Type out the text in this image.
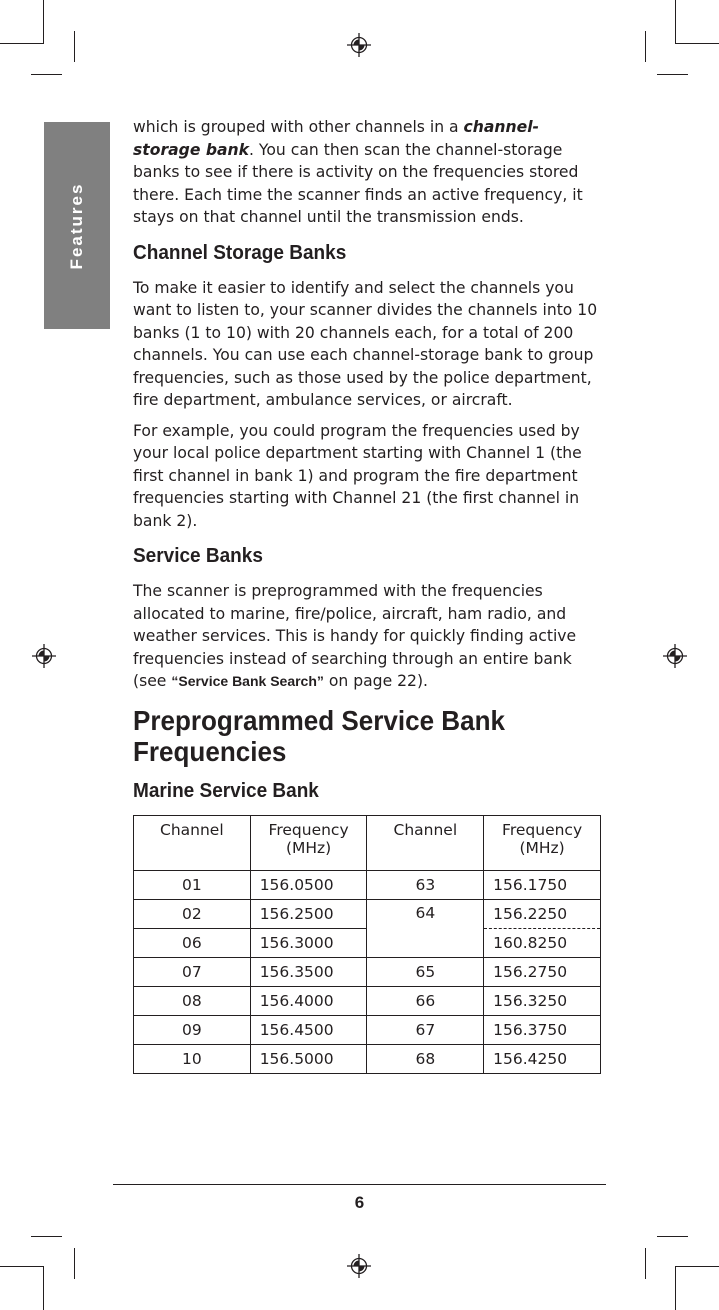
Features

which is grouped with other channels in a channel-storage bank. You can then scan the channel-storage banks to see if there is activity on the frequencies stored there. Each time the scanner finds an active frequency, it stays on that channel until the transmission ends.

Channel Storage Banks

To make it easier to identify and select the channels you want to listen to, your scanner divides the channels into 10 banks (1 to 10) with 20 channels each, for a total of 200 channels. You can use each channel-storage bank to group frequencies, such as those used by the police department, fire department, ambulance services, or aircraft.

For example, you could program the frequencies used by your local police department starting with Channel 1 (the first channel in bank 1) and program the fire department frequencies starting with Channel 21 (the first channel in bank 2).

Service Banks

The scanner is preprogrammed with the frequencies allocated to marine, fire/police, aircraft, ham radio, and weather services. This is handy for quickly finding active frequencies instead of searching through an entire bank (see “Service Bank Search” on page 22).

Preprogrammed Service Bank Frequencies
Marine Service Bank
Channel	Frequency (MHz)	Channel	Frequency (MHz)
01	156.0500	63	156.1750
02	156.2500	64	156.2250
06	156.3000		160.8250
07	156.3500	65	156.2750
08	156.4000	66	156.3250
09	156.4500	67	156.3750
10	156.5000	68	156.4250
6
